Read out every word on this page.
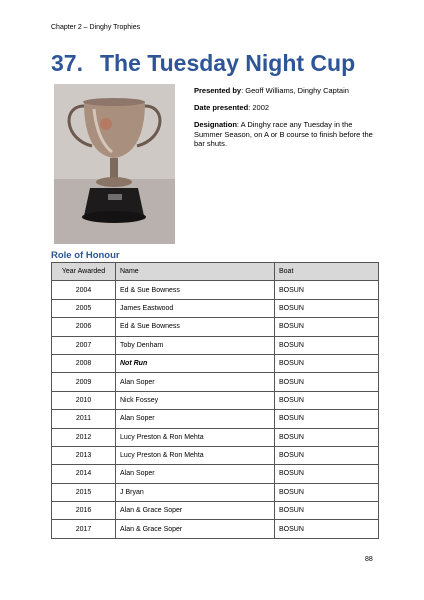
Chapter 2 – Dinghy Trophies
37. The Tuesday Night Cup
Presented by: Geoff Williams, Dinghy Captain
Date presented: 2002
Designation: A Dinghy race any Tuesday in the Summer Season, on A or B course to finish before the bar shuts.
Role of Honour
Year Awarded	Name	Boat
2004	Ed & Sue Bowness	BOSUN
2005	James Eastwood	BOSUN
2006	Ed & Sue Bowness	BOSUN
2007	Toby Denham	BOSUN
2008	Not Run	BOSUN
2009	Alan Soper	BOSUN
2010	Nick Fossey	BOSUN
2011	Alan Soper	BOSUN
2012	Lucy Preston & Ron Mehta	BOSUN
2013	Lucy Preston & Ron Mehta	BOSUN
2014	Alan Soper	BOSUN
2015	J Bryan	BOSUN
2016	Alan & Grace Soper	BOSUN
2017	Alan & Grace Soper	BOSUN
88
